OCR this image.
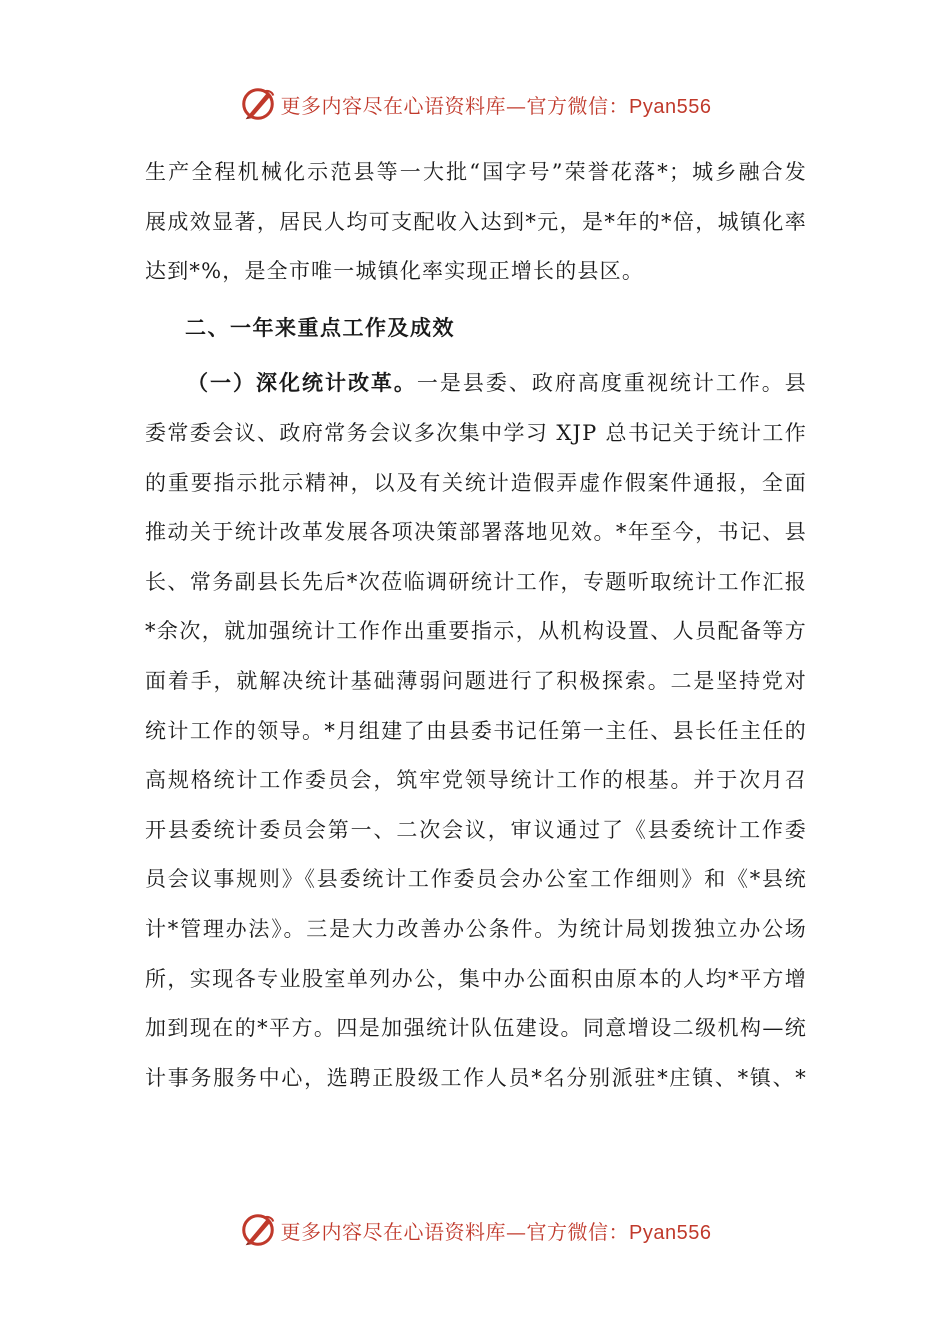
更多内容尽在心语资料库—官方微信：Pyan556

生产全程机械化示范县等一大批“国字号”荣誉花落*；城乡融合发

展成效显著，居民人均可支配收入达到*元，是*年的*倍，城镇化率

达到*%，是全市唯一城镇化率实现正增长的县区。

二、一年来重点工作及成效

（一）深化统计改革。一是县委、政府高度重视统计工作。县

委常委会议、政府常务会议多次集中学习 XJP 总书记关于统计工作

的重要指示批示精神，以及有关统计造假弄虚作假案件通报，全面

推动关于统计改革发展各项决策部署落地见效。*年至今，书记、县

长、常务副县长先后*次莅临调研统计工作，专题听取统计工作汇报

*余次，就加强统计工作作出重要指示，从机构设置、人员配备等方

面着手，就解决统计基础薄弱问题进行了积极探索。二是坚持党对

统计工作的领导。*月组建了由县委书记任第一主任、县长任主任的

高规格统计工作委员会，筑牢党领导统计工作的根基。并于次月召

开县委统计委员会第一、二次会议，审议通过了《县委统计工作委

员会议事规则》《县委统计工作委员会办公室工作细则》和《*县统

计*管理办法》。三是大力改善办公条件。为统计局划拨独立办公场

所，实现各专业股室单列办公，集中办公面积由原本的人均*平方增

加到现在的*平方。四是加强统计队伍建设。同意增设二级机构—统

计事务服务中心，选聘正股级工作人员*名分别派驻*庄镇、*镇、*

更多内容尽在心语资料库—官方微信：Pyan556
